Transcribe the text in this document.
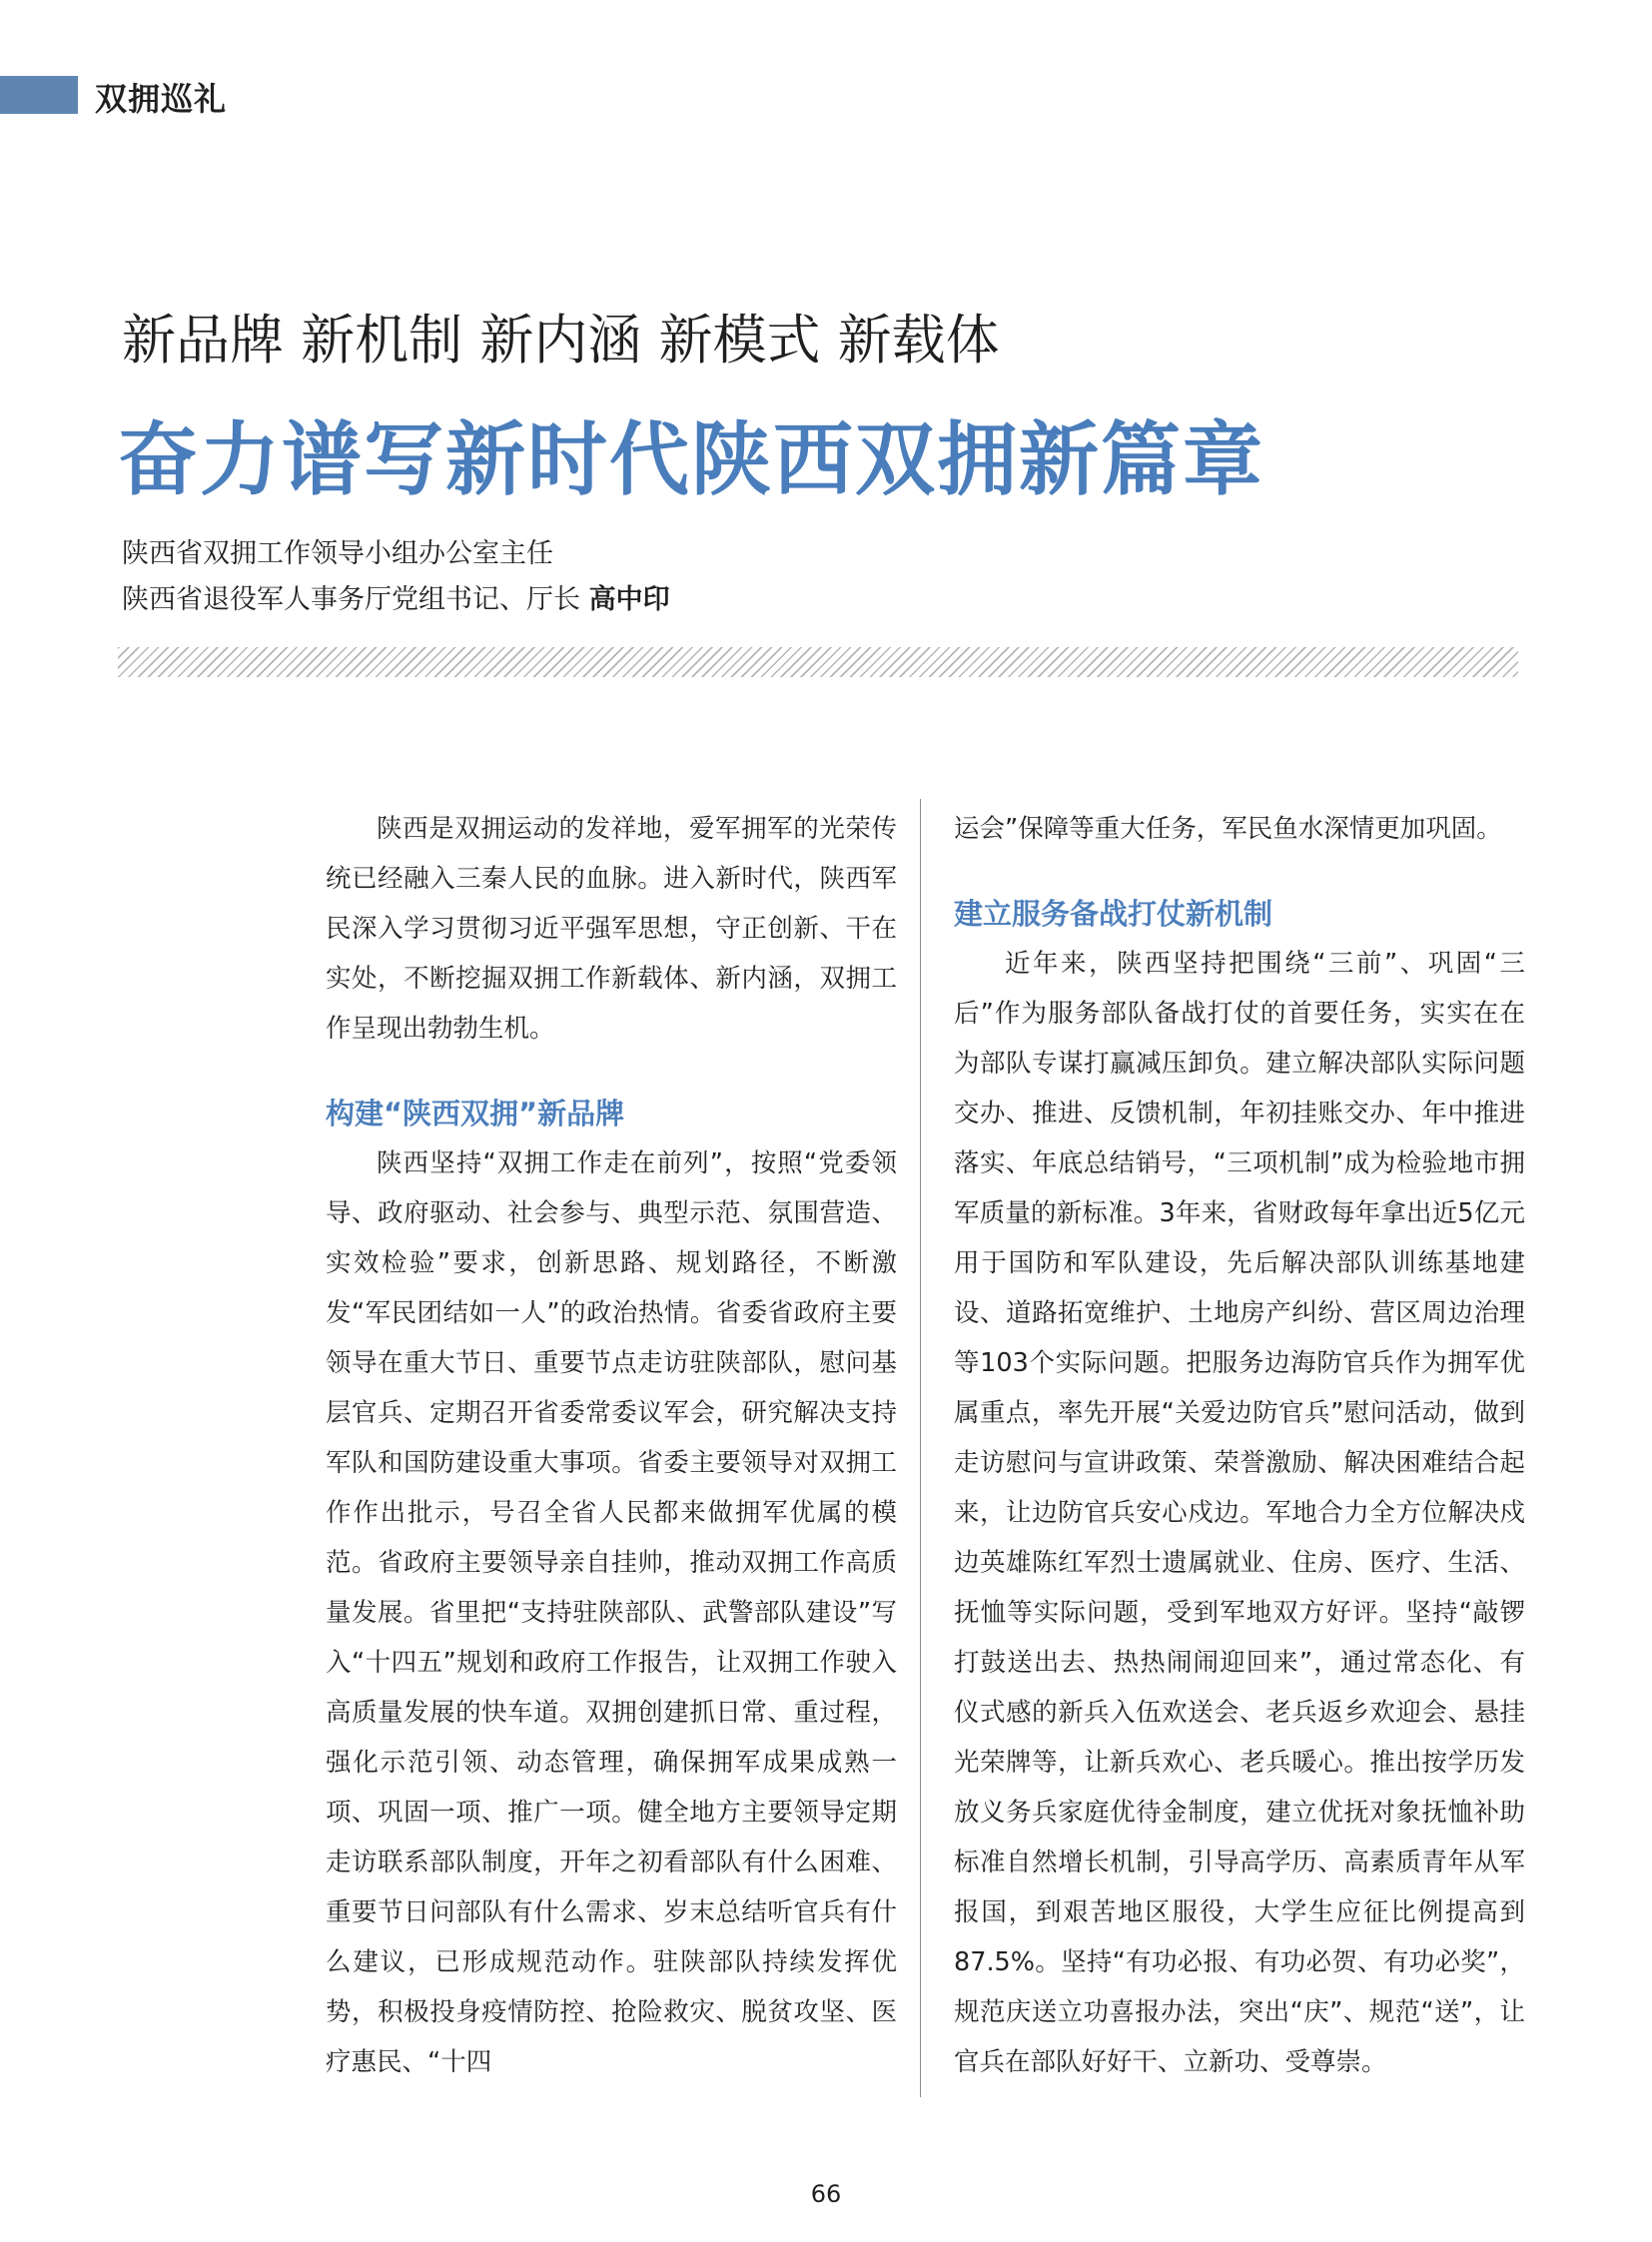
双拥巡礼
新品牌 新机制 新内涵 新模式 新载体
奋力谱写新时代陕西双拥新篇章
陕西省双拥工作领导小组办公室主任
陕西省退役军人事务厅党组书记、厅长 高中印

陕西是双拥运动的发祥地，爱军拥军的光荣传统已经融入三秦人民的血脉。进入新时代，陕西军民深入学习贯彻习近平强军思想，守正创新、干在实处，不断挖掘双拥工作新载体、新内涵，双拥工作呈现出勃勃生机。

构建“陕西双拥”新品牌

陕西坚持“双拥工作走在前列”，按照“党委领导、政府驱动、社会参与、典型示范、氛围营造、实效检验”要求，创新思路、规划路径，不断激发“军民团结如一人”的政治热情。省委省政府主要领导在重大节日、重要节点走访驻陕部队，慰问基层官兵、定期召开省委常委议军会，研究解决支持军队和国防建设重大事项。省委主要领导对双拥工作作出批示，号召全省人民都来做拥军优属的模范。省政府主要领导亲自挂帅，推动双拥工作高质量发展。省里把“支持驻陕部队、武警部队建设”写入“十四五”规划和政府工作报告，让双拥工作驶入高质量发展的快车道。双拥创建抓日常、重过程，强化示范引领、动态管理，确保拥军成果成熟一项、巩固一项、推广一项。健全地方主要领导定期走访联系部队制度，开年之初看部队有什么困难、重要节日问部队有什么需求、岁末总结听官兵有什么建议，已形成规范动作。驻陕部队持续发挥优势，积极投身疫情防控、抢险救灾、脱贫攻坚、医疗惠民、“十四

运会”保障等重大任务，军民鱼水深情更加巩固。

建立服务备战打仗新机制

近年来，陕西坚持把围绕“三前”、巩固“三后”作为服务部队备战打仗的首要任务，实实在在为部队专谋打赢减压卸负。建立解决部队实际问题交办、推进、反馈机制，年初挂账交办、年中推进落实、年底总结销号，“三项机制”成为检验地市拥军质量的新标准。3年来，省财政每年拿出近5亿元用于国防和军队建设，先后解决部队训练基地建设、道路拓宽维护、土地房产纠纷、营区周边治理等103个实际问题。把服务边海防官兵作为拥军优属重点，率先开展“关爱边防官兵”慰问活动，做到走访慰问与宣讲政策、荣誉激励、解决困难结合起来，让边防官兵安心戍边。军地合力全方位解决戍边英雄陈红军烈士遗属就业、住房、医疗、生活、抚恤等实际问题，受到军地双方好评。坚持“敲锣打鼓送出去、热热闹闹迎回来”，通过常态化、有仪式感的新兵入伍欢送会、老兵返乡欢迎会、悬挂光荣牌等，让新兵欢心、老兵暖心。推出按学历发放义务兵家庭优待金制度，建立优抚对象抚恤补助标准自然增长机制，引导高学历、高素质青年从军报国，到艰苦地区服役，大学生应征比例提高到87.5%。坚持“有功必报、有功必贺、有功必奖”，规范庆送立功喜报办法，突出“庆”、规范“送”，让官兵在部队好好干、立新功、受尊崇。

66
